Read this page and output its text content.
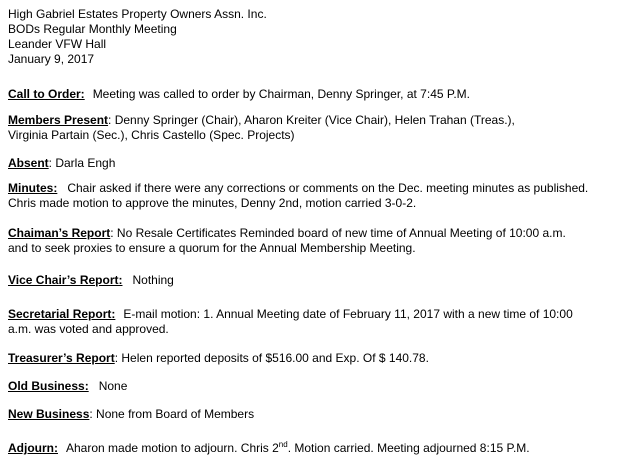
High Gabriel Estates Property Owners Assn. Inc.
BODs Regular Monthly Meeting
Leander VFW Hall
January 9, 2017
Call to Order: Meeting was called to order by Chairman, Denny Springer, at 7:45 P.M.
Members Present: Denny Springer (Chair), Aharon Kreiter (Vice Chair), Helen Trahan (Treas.),
Virginia Partain (Sec.), Chris Castello (Spec. Projects)
Absent: Darla Engh
Minutes: Chair asked if there were any corrections or comments on the Dec. meeting minutes as published.
Chris made motion to approve the minutes, Denny 2nd, motion carried 3-0-2.
Chaiman’s Report: No Resale Certificates Reminded board of new time of Annual Meeting of 10:00 a.m.
and to seek proxies to ensure a quorum for the Annual Membership Meeting.
Vice Chair’s Report: Nothing
Secretarial Report: E-mail motion: 1. Annual Meeting date of February 11, 2017 with a new time of 10:00
a.m. was voted and approved.
Treasurer’s Report: Helen reported deposits of $516.00 and Exp. Of $ 140.78.
Old Business: None
New Business: None from Board of Members
Adjourn: Aharon made motion to adjourn. Chris 2nd. Motion carried. Meeting adjourned 8:15 P.M.
